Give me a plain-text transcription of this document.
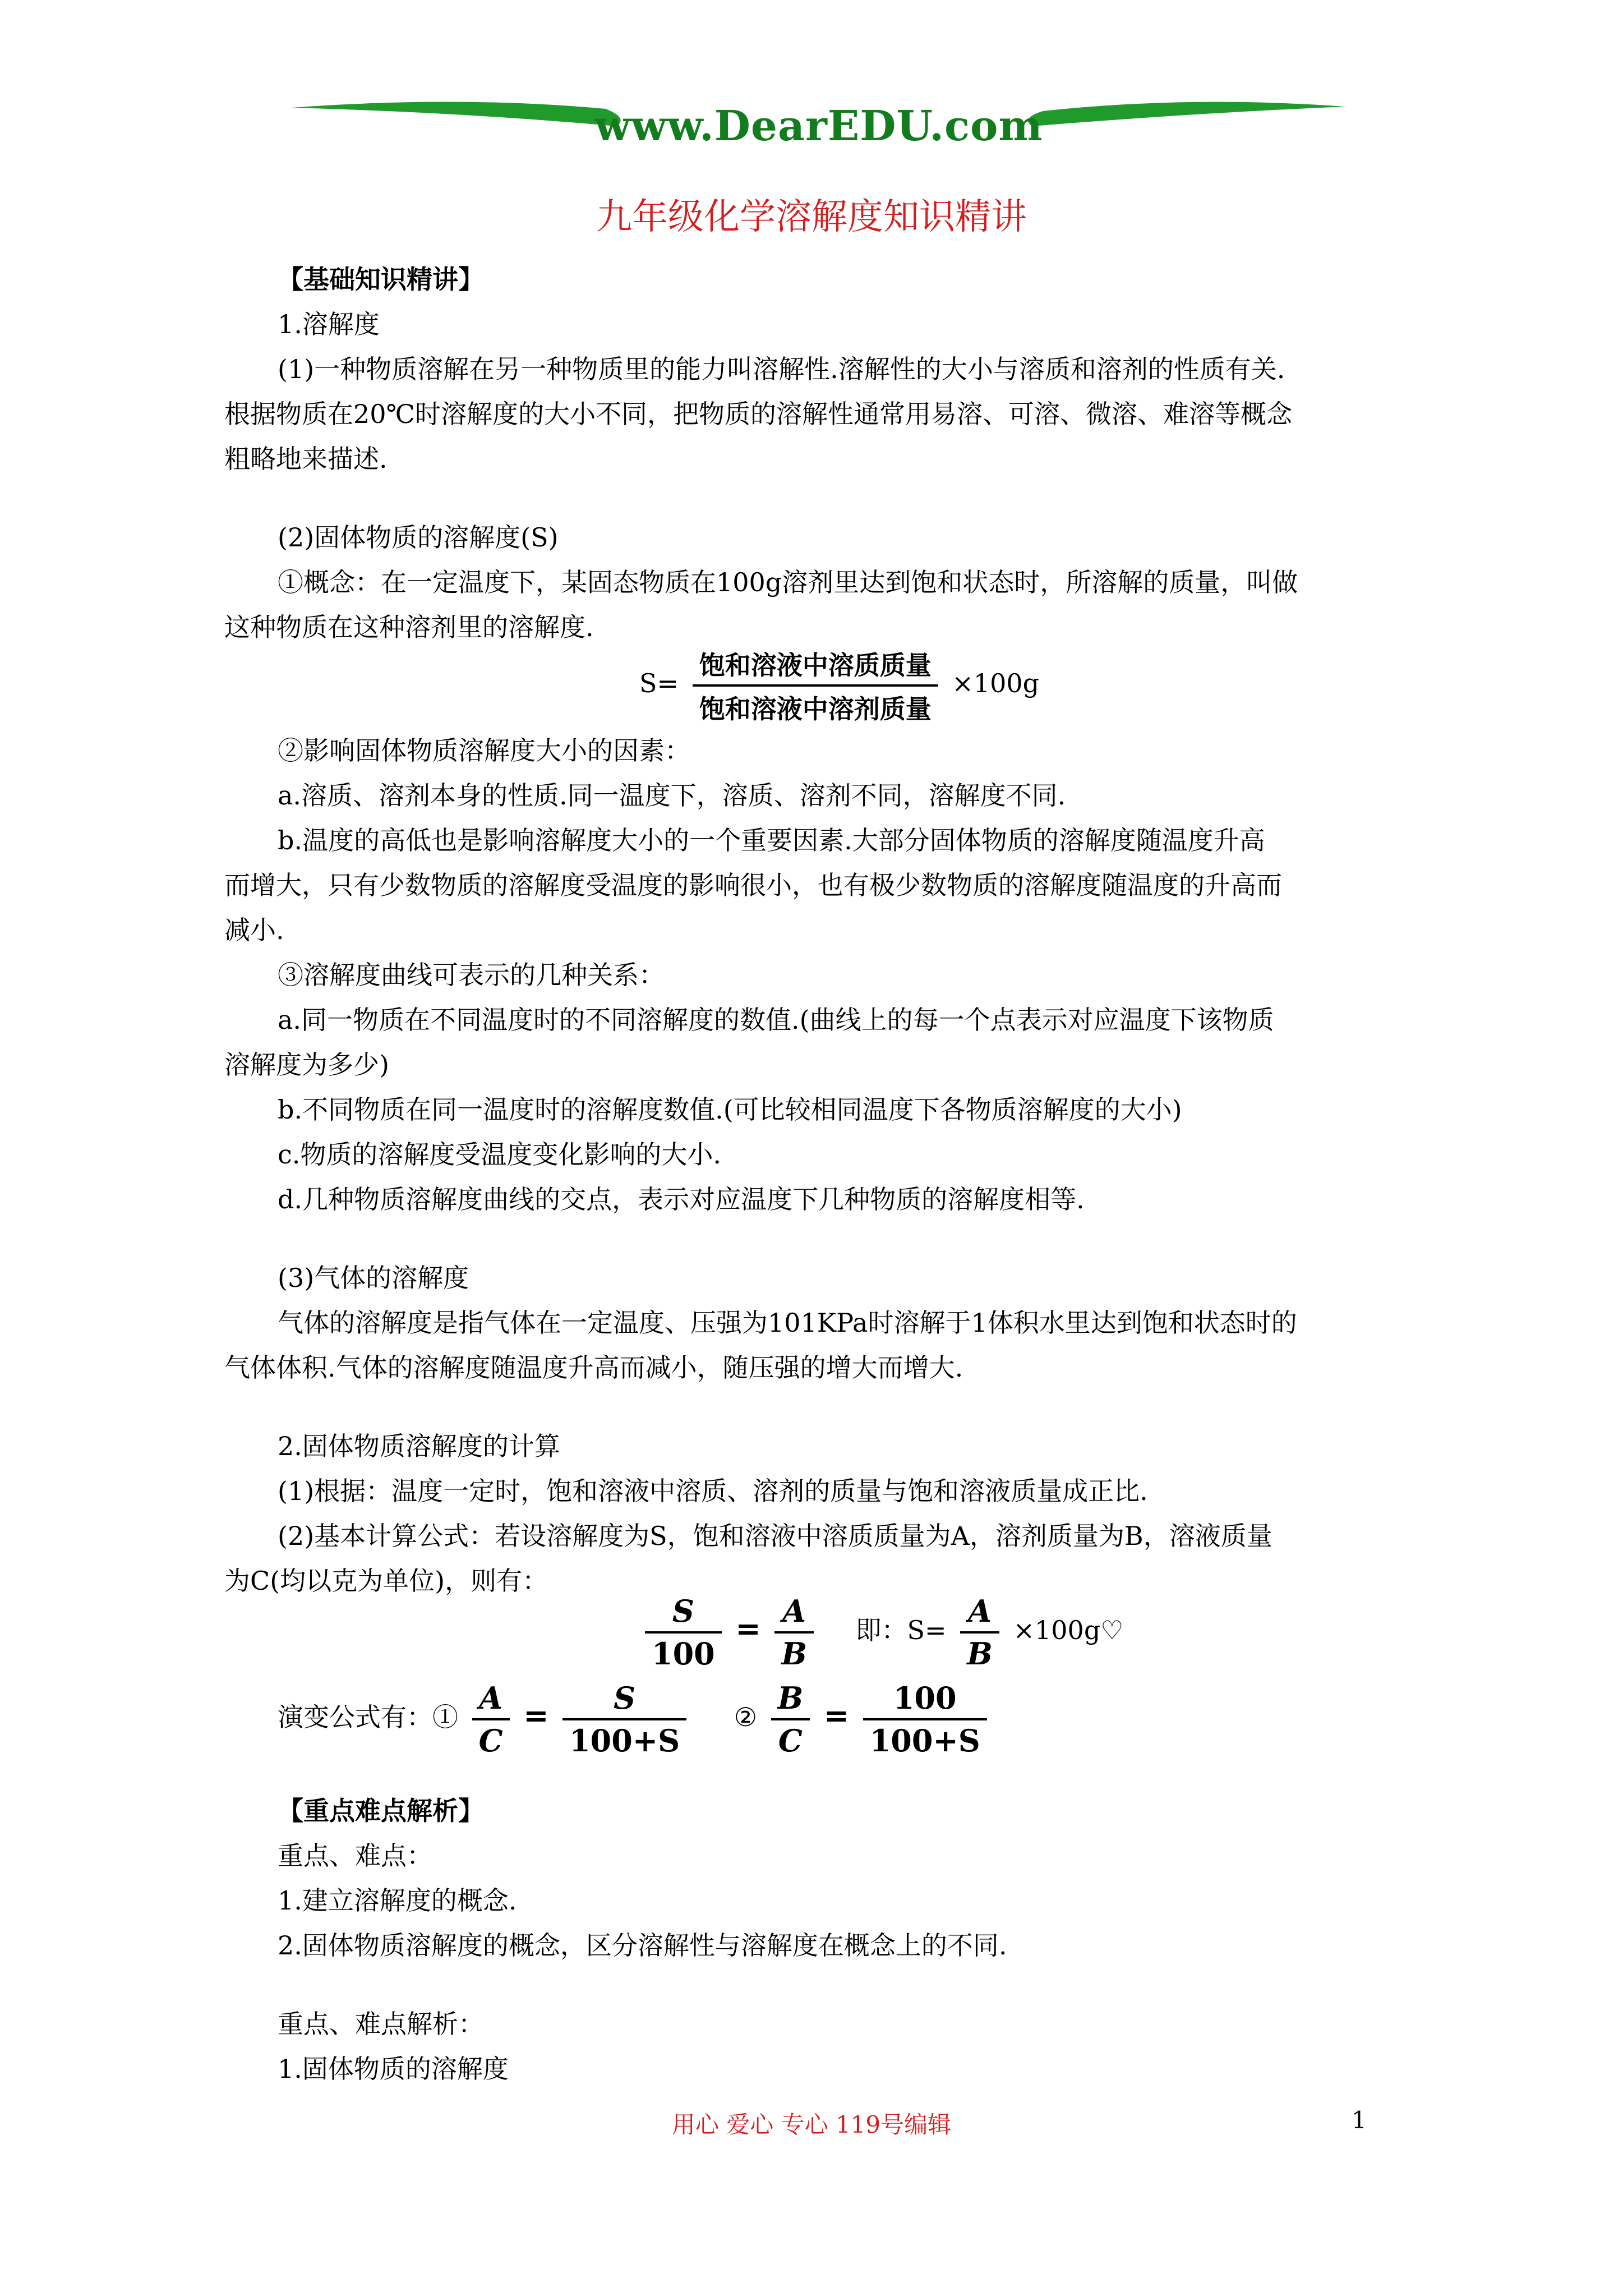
www.DearEDU.com
九年级化学溶解度知识精讲
【基础知识精讲】
1.溶解度
(1)一种物质溶解在另一种物质里的能力叫溶解性.溶解性的大小与溶质和溶剂的性质有关.
根据物质在20℃时溶解度的大小不同，把物质的溶解性通常用易溶、可溶、微溶、难溶等概念
粗略地来描述.
(2)固体物质的溶解度(S)
①概念：在一定温度下，某固态物质在100g溶剂里达到饱和状态时，所溶解的质量，叫做
这种物质在这种溶剂里的溶解度.
$S= \frac{\text{饱和溶液中溶质质量}}{\text{饱和溶液中溶剂质量}} \times 100g$
②影响固体物质溶解度大小的因素：
a.溶质、溶剂本身的性质.同一温度下，溶质、溶剂不同，溶解度不同.
b.温度的高低也是影响溶解度大小的一个重要因素.大部分固体物质的溶解度随温度升高
而增大，只有少数物质的溶解度受温度的影响很小，也有极少数物质的溶解度随温度的升高而
减小.
③溶解度曲线可表示的几种关系：
a.同一物质在不同温度时的不同溶解度的数值.(曲线上的每一个点表示对应温度下该物质
溶解度为多少)
b.不同物质在同一温度时的溶解度数值.(可比较相同温度下各物质溶解度的大小)
c.物质的溶解度受温度变化影响的大小.
d.几种物质溶解度曲线的交点，表示对应温度下几种物质的溶解度相等.
(3)气体的溶解度
气体的溶解度是指气体在一定温度、压强为101KPa时溶解于1体积水里达到饱和状态时的
气体体积.气体的溶解度随温度升高而减小，随压强的增大而增大.
2.固体物质溶解度的计算
(1)根据：温度一定时，饱和溶液中溶质、溶剂的质量与饱和溶液质量成正比.
(2)基本计算公式：若设溶解度为S，饱和溶液中溶质质量为A，溶剂质量为B，溶液质量
为C(均以克为单位)，则有：
$\frac{S}{100} = \frac{A}{B}$ 即：$S= \frac{A}{B}$ ×100g♡
演变公式有：① $\frac{A}{C} = \frac{S}{100+S}$ ② $\frac{B}{C} = \frac{100}{100+S}$
【重点难点解析】
重点、难点：
1.建立溶解度的概念.
2.固体物质溶解度的概念，区分溶解性与溶解度在概念上的不同.
重点、难点解析：
1.固体物质的溶解度
用心 爱心 专心 119号编辑	1
